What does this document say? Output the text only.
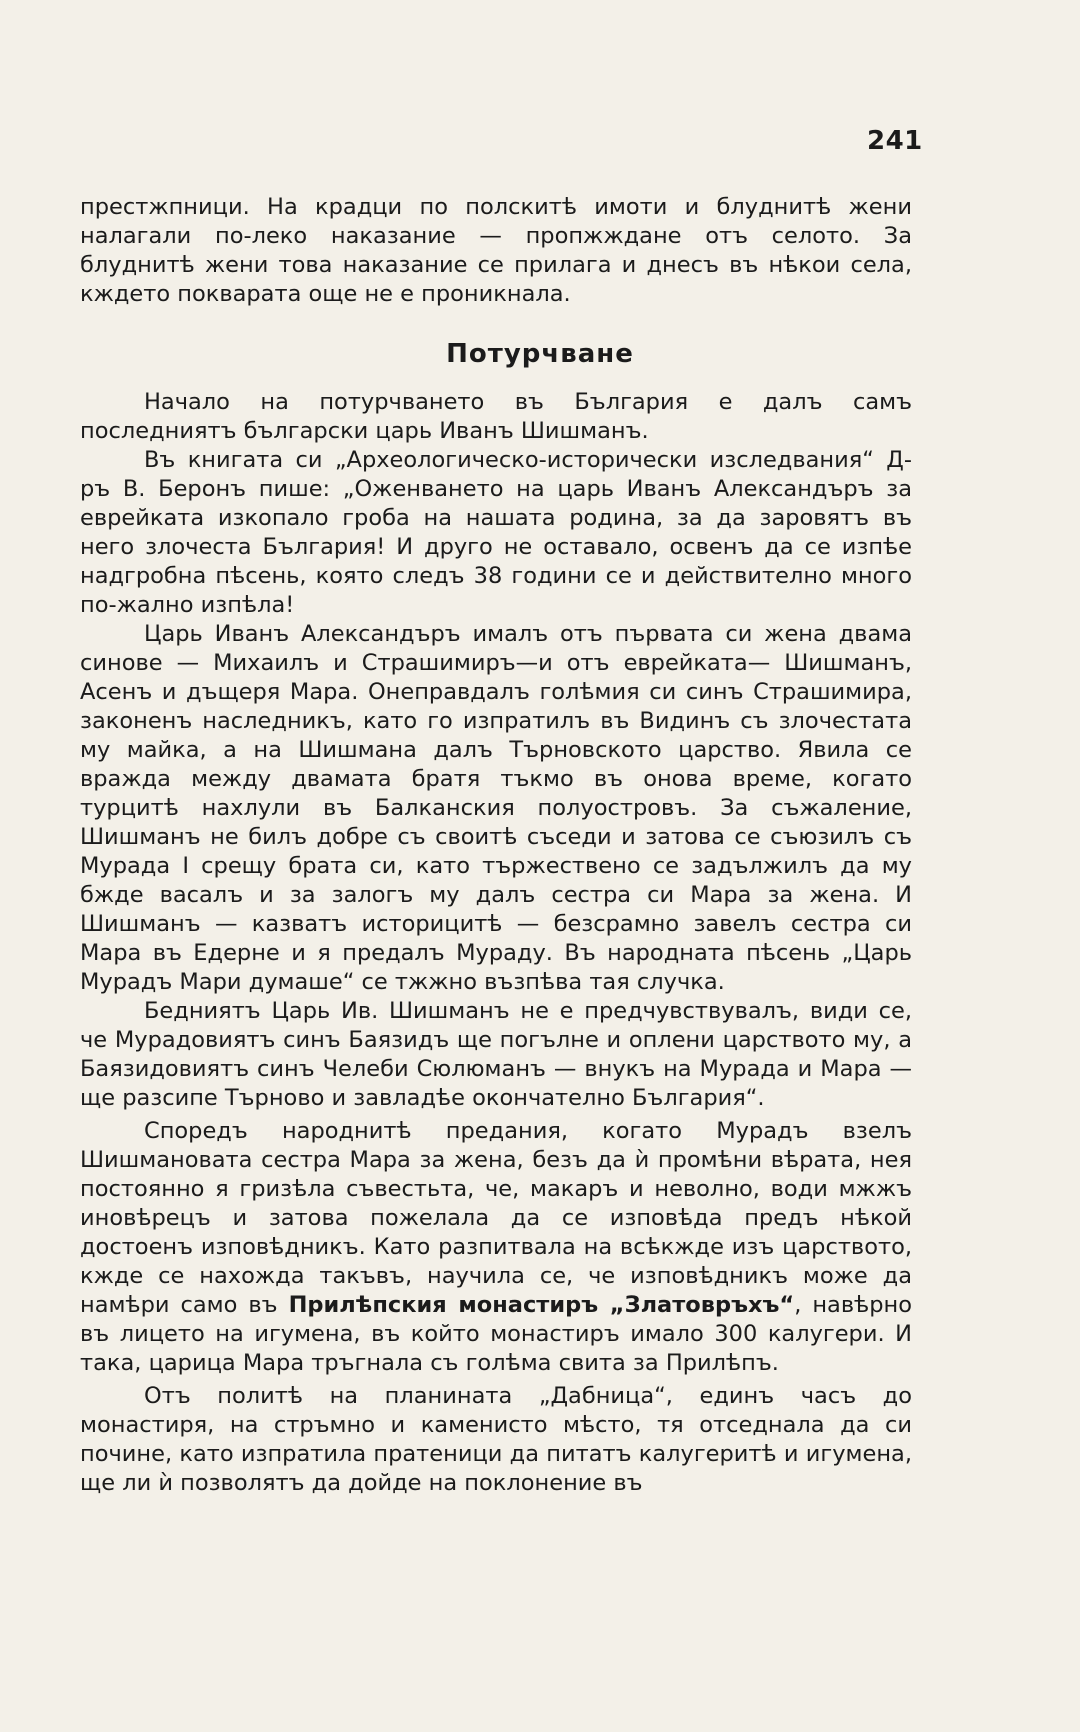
241

престжпници. На крадци по полскитѣ имоти и блуднитѣ жени налагали по-леко наказание — пропжждане отъ селото. За блуднитѣ жени това наказание се прилага и днесъ въ нѣкои села, кждето покварата още не е проникнала.

Потурчване

Начало на потурчването въ България е далъ самъ последниятъ български царь Иванъ Шишманъ.

Въ книгата си „Археологическо-исторически изследвания“ Д-ръ В. Беронъ пише: „Оженването на царь Иванъ Александъръ за еврейката изкопало гроба на нашата родина, за да заровятъ въ него злочеста България! И друго не оставало, освенъ да се изпѣе надгробна пѣсень, която следъ 38 години се и действително много по-жално изпѣла!

Царь Иванъ Александъръ ималъ отъ първата си жена двама синове — Михаилъ и Страшимиръ—и отъ еврейката— Шишманъ, Асенъ и дъщеря Мара. Онеправдалъ голѣмия си синъ Страшимира, законенъ наследникъ, като го изпратилъ въ Видинъ съ злочестата му майка, а на Шишмана далъ Търновското царство. Явила се вражда между двамата братя тъкмо въ онова време, когато турцитѣ нахлули въ Балканския полуостровъ. За съжаление, Шишманъ не билъ добре съ своитѣ съседи и затова се съюзилъ съ Мурада I срещу брата си, като тържествено се задължилъ да му бжде васалъ и за залогъ му далъ сестра си Мара за жена. И Шишманъ — казватъ историцитѣ — безсрамно завелъ сестра си Мара въ Едерне и я предалъ Мураду. Въ народната пѣсень „Царь Мурадъ Мари думаше“ се тжжно възпѣва тая случка.

Бедниятъ Царь Ив. Шишманъ не е предчувствувалъ, види се, че Мурадовиятъ синъ Баязидъ ще погълне и оплени царството му, а Баязидовиятъ синъ Челеби Сюлюманъ — внукъ на Мурада и Мара — ще разсипе Търново и завладѣе окончателно България“.

Споредъ народнитѣ предания, когато Мурадъ взелъ Шишмановата сестра Мара за жена, безъ да ѝ промѣни вѣрата, нея постоянно я гризѣла съвестьта, че, макаръ и неволно, води мжжъ иновѣрецъ и затова пожелала да се изповѣда предъ нѣкой достоенъ изповѣдникъ. Като разпитвала на всѣкжде изъ царството, кжде се нахожда такъвъ, научила се, че изповѣдникъ може да намѣри само въ Прилѣпския монастиръ „Златовръхъ“, навѣрно въ лицето на игумена, въ който монастиръ имало 300 калугери. И така, царица Мара тръгнала съ голѣма свита за Прилѣпъ.

Отъ политѣ на планината „Дабница“, единъ часъ до монастиря, на стръмно и каменисто мѣсто, тя отседнала да си почине, като изпратила пратеници да питатъ калугеритѣ и игумена, ще ли ѝ позволятъ да дойде на поклонение въ
